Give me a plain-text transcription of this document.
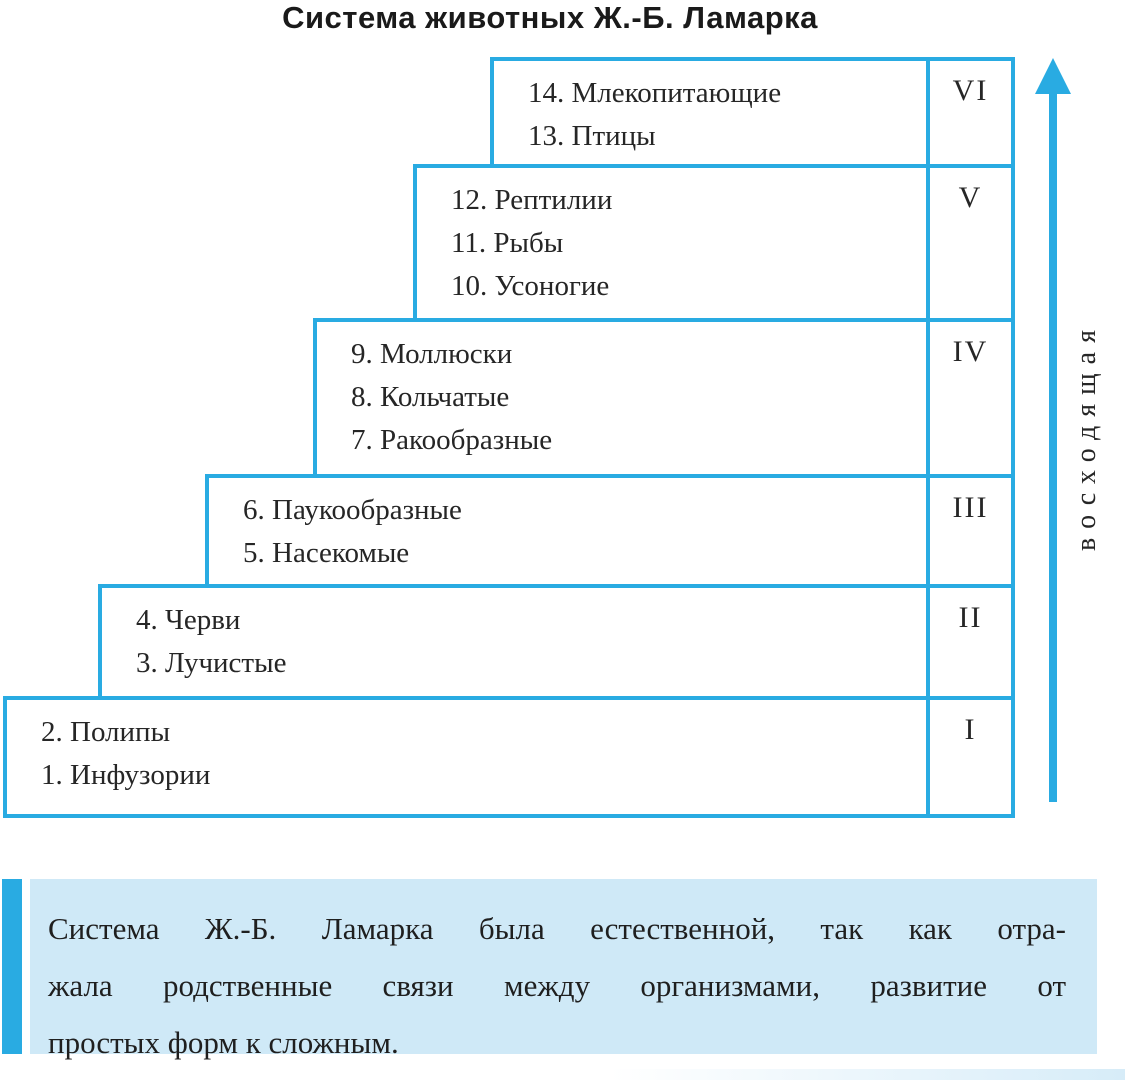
Система животных Ж.-Б. Ламарка
14. Млекопитающие
13. Птицы
VI
12. Рептилии
11. Рыбы
10. Усоногие
V
9. Моллюски
8. Кольчатые
7. Ракообразные
IV
6. Паукообразные
5. Насекомые
III
4. Черви
3. Лучистые
II
2. Полипы
1. Инфузории
I
восходящая

Система Ж.-Б. Ламарка была естественной, так как отра-

жала родственные связи между организмами, развитие от

простых форм к сложным.
